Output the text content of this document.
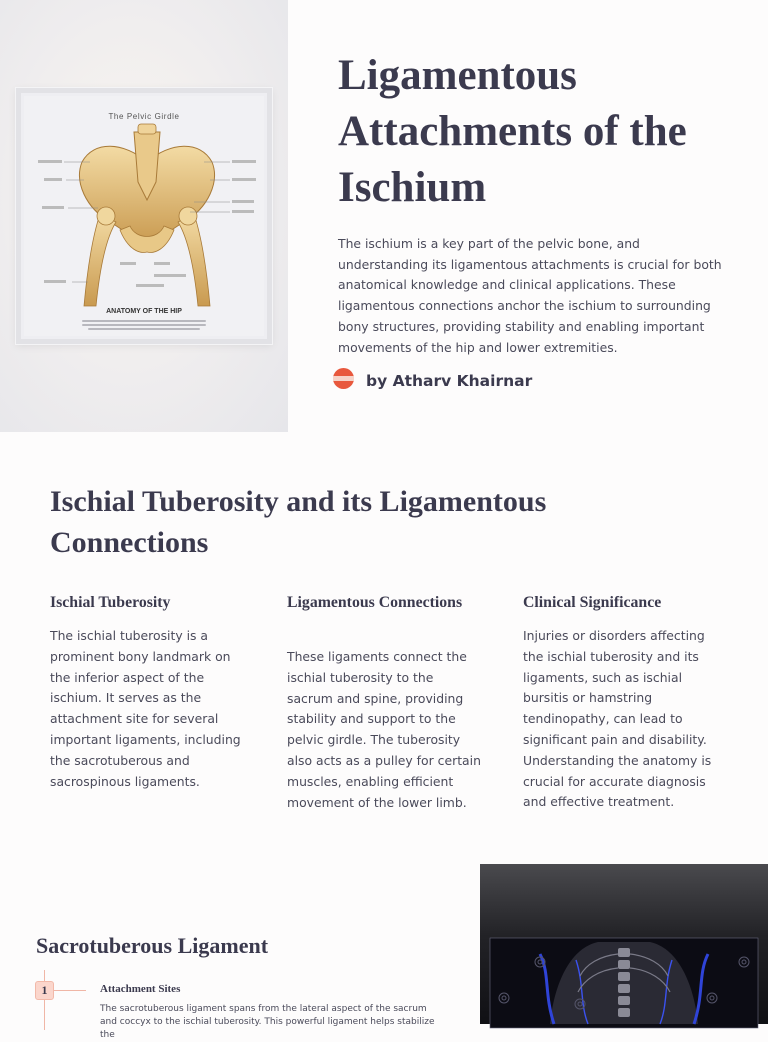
The Pelvic Girdle
ANATOMY OF THE HIP
Ligamentous Attachments of the Ischium

The ischium is a key part of the pelvic bone, and understanding its ligamentous attachments is crucial for both anatomical knowledge and clinical applications. These ligamentous connections anchor the ischium to surrounding bony structures, providing stability and enabling important movements of the hip and lower extremities.

by Atharv Khairnar
Ischial Tuberosity and its Ligamentous Connections
Ischial Tuberosity

The ischial tuberosity is a prominent bony landmark on the inferior aspect of the ischium. It serves as the attachment site for several important ligaments, including the sacrotuberous and sacrospinous ligaments.

Ligamentous Connections

These ligaments connect the ischial tuberosity to the sacrum and spine, providing stability and support to the pelvic girdle. The tuberosity also acts as a pulley for certain muscles, enabling efficient movement of the lower limb.

Clinical Significance

Injuries or disorders affecting the ischial tuberosity and its ligaments, such as ischial bursitis or hamstring tendinopathy, can lead to significant pain and disability. Understanding the anatomy is crucial for accurate diagnosis and effective treatment.

Sacrotuberous Ligament
1	Attachment Sites

The sacrotuberous ligament spans from the lateral aspect of the sacrum and coccyx to the ischial tuberosity. This powerful ligament helps stabilize the
